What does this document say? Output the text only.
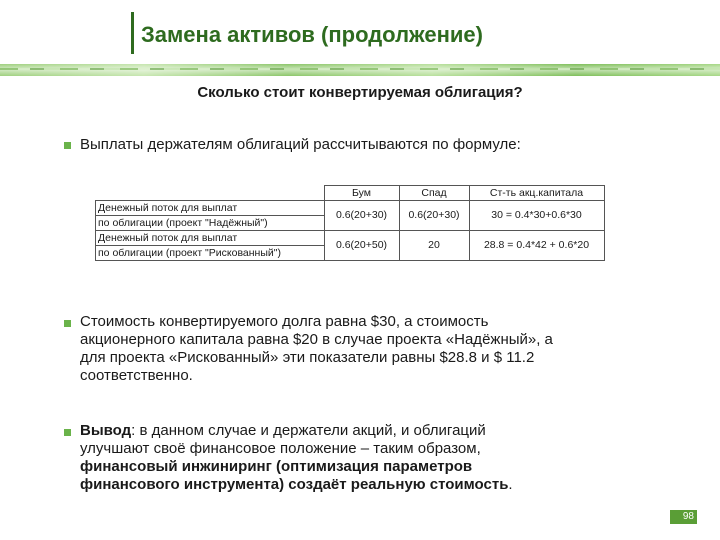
Замена активов (продолжение)
Сколько стоит конвертируемая облигация?
Выплаты держателям облигаций рассчитываются по формуле:
	Бум	Спад	Ст-ть акц.капитала

Денежный поток для выплат
по облигации (проект "Надёжный")	0.6(20+30)	0.6(20+30)	30 = 0.4*30+0.6*30

Денежный поток для выплат
по облигации (проект "Рискованный")	0.6(20+50)	20	28.8 = 0.4*42 + 0.6*20
Стоимость конвертируемого долга равна $30, а стоимость
акционерного капитала равна $20 в случае проекта «Надёжный», а
для проекта «Рискованный» эти показатели равны $28.8 и $ 11.2
соответственно.
Вывод: в данном случае и держатели акций, и облигаций
улучшают своё финансовое положение – таким образом,
финансовый инжиниринг (оптимизация параметров
финансового инструмента) создаёт реальную стоимость.
98
